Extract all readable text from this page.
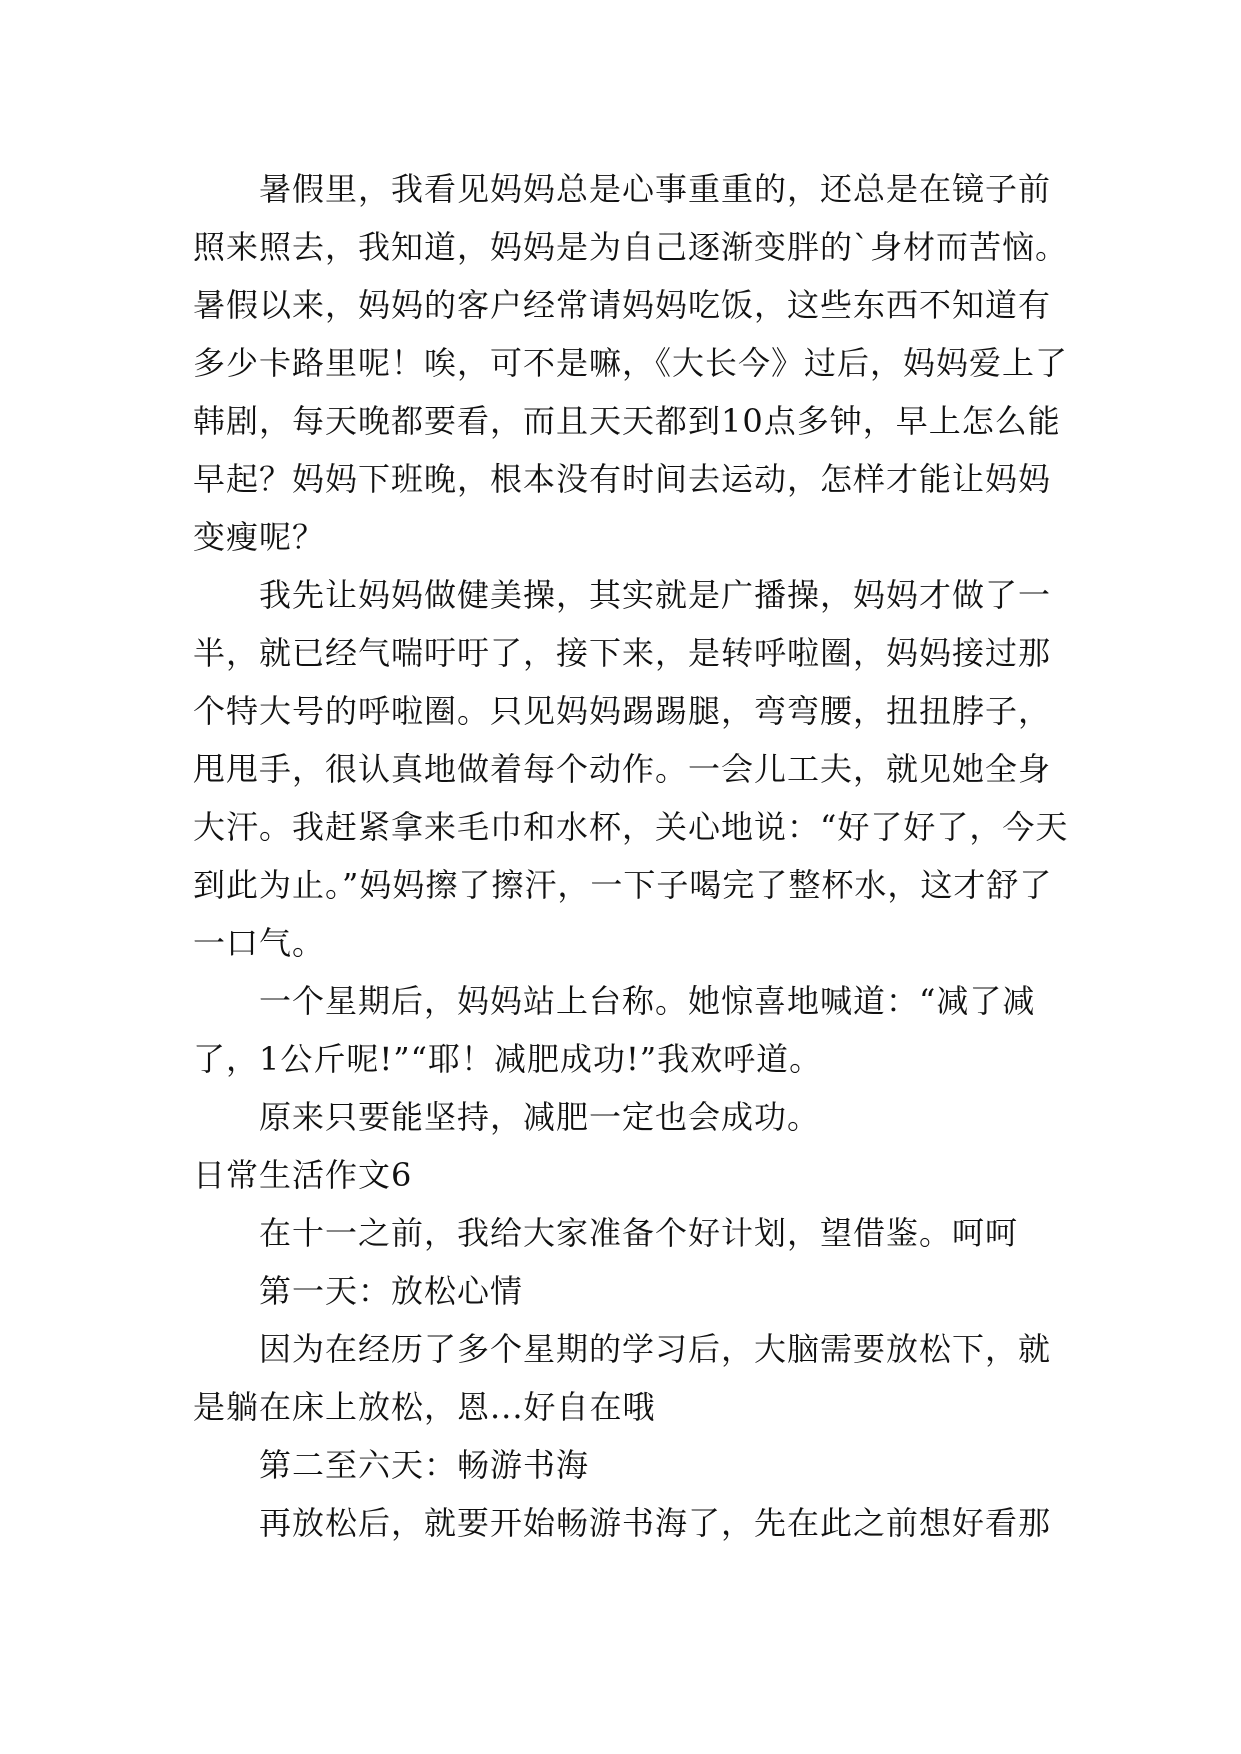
暑假里，我看见妈妈总是心事重重的，还总是在镜子前照来照去，我知道，妈妈是为自己逐渐变胖的`身材而苦恼。暑假以来，妈妈的客户经常请妈妈吃饭，这些东西不知道有多少卡路里呢！唉，可不是嘛，《大长今》过后，妈妈爱上了韩剧，每天晚都要看，而且天天都到10点多钟，早上怎么能早起？妈妈下班晚，根本没有时间去运动，怎样才能让妈妈变瘦呢？

我先让妈妈做健美操，其实就是广播操，妈妈才做了一半，就已经气喘吁吁了，接下来，是转呼啦圈，妈妈接过那个特大号的呼啦圈。只见妈妈踢踢腿，弯弯腰，扭扭脖子，甩甩手，很认真地做着每个动作。一会儿工夫，就见她全身大汗。我赶紧拿来毛巾和水杯，关心地说：“好了好了，今天到此为止。”妈妈擦了擦汗，一下子喝完了整杯水，这才舒了一口气。

一个星期后，妈妈站上台称。她惊喜地喊道：“减了减了，1公斤呢!”“耶！减肥成功!”我欢呼道。

原来只要能坚持，减肥一定也会成功。

日常生活作文6

在十一之前，我给大家准备个好计划，望借鉴。呵呵

第一天：放松心情

因为在经历了多个星期的学习后，大脑需要放松下，就是躺在床上放松，恩...好自在哦

第二至六天：畅游书海

再放松后，就要开始畅游书海了，先在此之前想好看那
